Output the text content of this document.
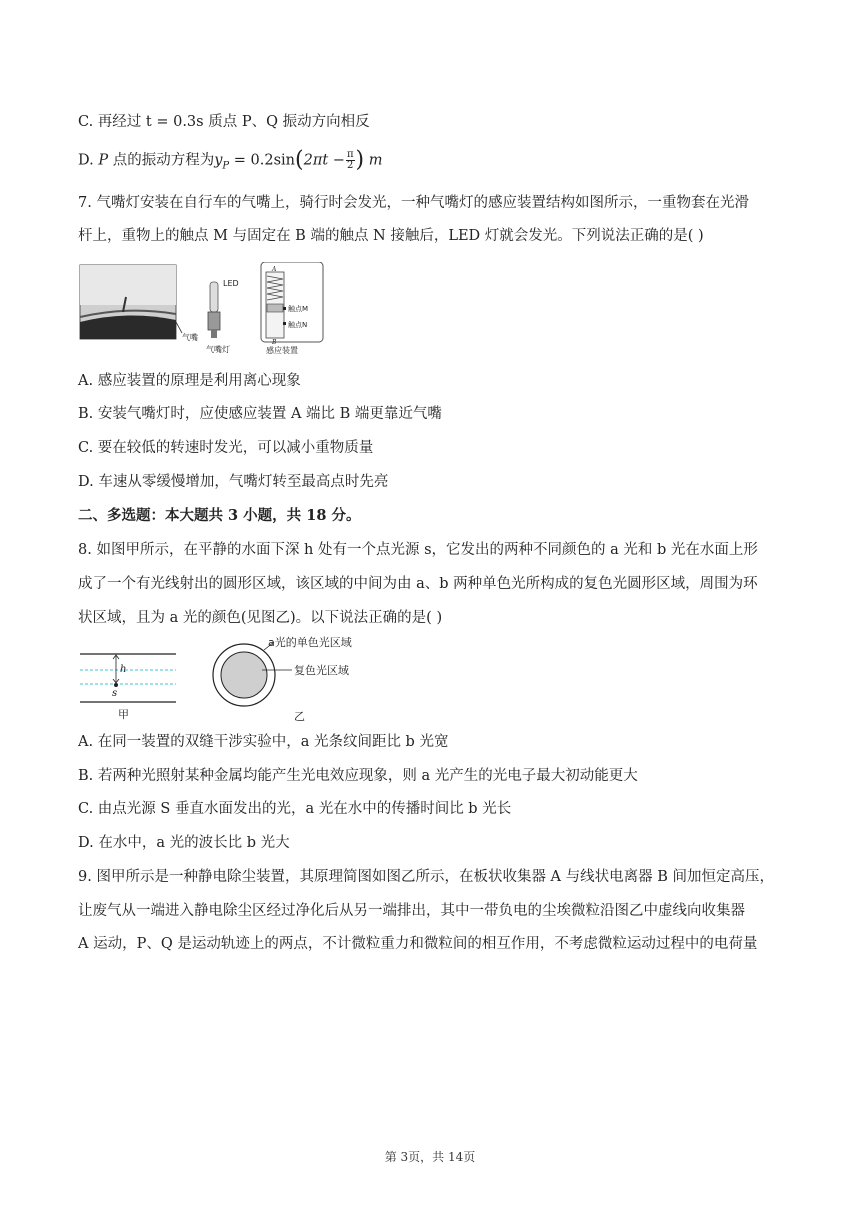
C. 再经过 t = 0.3s 质点 P、Q 振动方向相反
D. P 点的振动方程为$y_P = 0.2\sin(2\pi t - \frac{\pi}{2}$ ) m
7. 气嘴灯安装在自行车的气嘴上，骑行时会发光，一种气嘴灯的感应装置结构如图所示，一重物套在光滑
杆上，重物上的触点 M 与固定在 B 端的触点 N 接触后，LED 灯就会发光。下列说法正确的是( )
气嘴
LED
气嘴灯
A
B
触点M
触点N
感应装置
A. 感应装置的原理是利用离心现象
B. 安装气嘴灯时，应使感应装置 A 端比 B 端更靠近气嘴
C. 要在较低的转速时发光，可以减小重物质量
D. 车速从零缓慢增加，气嘴灯转至最高点时先亮
二、多选题：本大题共 3 小题，共 18 分。
8. 如图甲所示，在平静的水面下深 h 处有一个点光源 s，它发出的两种不同颜色的 a 光和 b 光在水面上形
成了一个有光线射出的圆形区域，该区域的中间为由 a、b 两种单色光所构成的复色光圆形区域，周围为环
状区域，且为 a 光的颜色(见图乙)。以下说法正确的是( )
h
s
甲
a光的单色光区域
复色光区域
乙
A. 在同一装置的双缝干涉实验中，a 光条纹间距比 b 光宽
B. 若两种光照射某种金属均能产生光电效应现象，则 a 光产生的光电子最大初动能更大
C. 由点光源 S 垂直水面发出的光，a 光在水中的传播时间比 b 光长
D. 在水中，a 光的波长比 b 光大
9. 图甲所示是一种静电除尘装置，其原理简图如图乙所示，在板状收集器 A 与线状电离器 B 间加恒定高压，
让废气从一端进入静电除尘区经过净化后从另一端排出，其中一带负电的尘埃微粒沿图乙中虚线向收集器
A 运动，P、Q 是运动轨迹上的两点，不计微粒重力和微粒间的相互作用，不考虑微粒运动过程中的电荷量
第 3页，共 14页
